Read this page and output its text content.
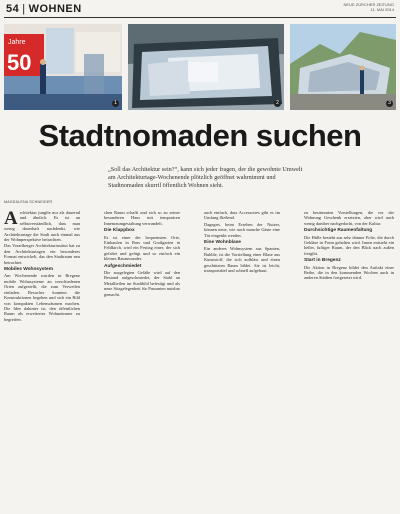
54 | WOHNEN	NEUE ZÜRCHER ZEITUNG
11. MAI 2014
50
Jahre
1	2	3
Stadtnomaden suchen
„Soll das Architektur sein?“, kann sich jeder fragen, der die gewohnte Umwelt am Architekturtage-Wochenende plötzlich geöffnet wahrnimmt und Stadtnomaden skurril öffentlich Wohnen sieht.
MAGDALENA SCHNEIDER

Architektur jungfte nur als dauernd und ähnlich. Es ist an selbstverständlich, dass man wenig dauerhaft nachdenkt, wie Architekturtage die Stadt auch einmal aus der Wohnperspektive betrachten.

Das Vorarlberger Architekturinstitut hat zu den Architekturtagen ein besonderes Format entwickelt, das den Stadtraum neu betrachtet.

Mobiles Wohnsystem

Am Wochenende wurden in Bregenz mobile Wohnsysteme an verschiedenen Orten aufgestellt, die zum Verweilen einladen. Besucher konnten die Konstruktionen begehen und sich ein Bild von kompakten Lebensräumen machen. Die Idee dahinter ist, den öffentlichen Raum als erweitertes Wohnzimmer zu begreifen.

chen Raum schafft und sich so zu seiner besonderen Haus mit temporären Innenraumgestaltung verwandelt.

Die Klappbox

Es ist einer der bequemsten Orte, Einkaufen in Bars und Großgarten in Feldkirch, wird ein Festtag einer, der sich gefaltet und gefügt und so einfach ein kleines Raumwunder.

Aufgeschmiedet

Die ausgelegten Gefäße wird auf den Bestand aufgeschmiedet, der Stahl an Metallteilen im Stadtbild befestigt und als neue Sitzgelegenheit für Passanten nutzbar gemacht.

auch einfach, dass Accessoires gibt es im Umfang fließend.

Dagegen, beim Ersehen der Nutzer, können neue, wie auch manche Gäste eine Tür eingeübt werden.

Eine Wohnblase

Ein anderes Wohnsystem aus Spanien, Bubble, ist die Vorstellung einer Blase aus Kunststoff, die sich aufbläst und einen geschützten Raum bildet. Sie ist leicht, transportabel und schnell aufgebaut.

zu bestimmten Vorstellungen, die vor der Wohnung Geschenk ersetzten, aber wird auch wenig darüber nachgedacht, von der Kultur.

Durchsichtige Raumenfaltung

Die Hülle besteht aus sehr dünner Folie, die durch Gebläse in Form gehalten wird. Innen entsteht ein heller, luftiger Raum, der den Blick nach außen freigibt.

Start in Bregenz

Die Aktion in Bregenz bildet den Auftakt einer Reihe, die in den kommenden Wochen auch in anderen Städten fortgesetzt wird.
